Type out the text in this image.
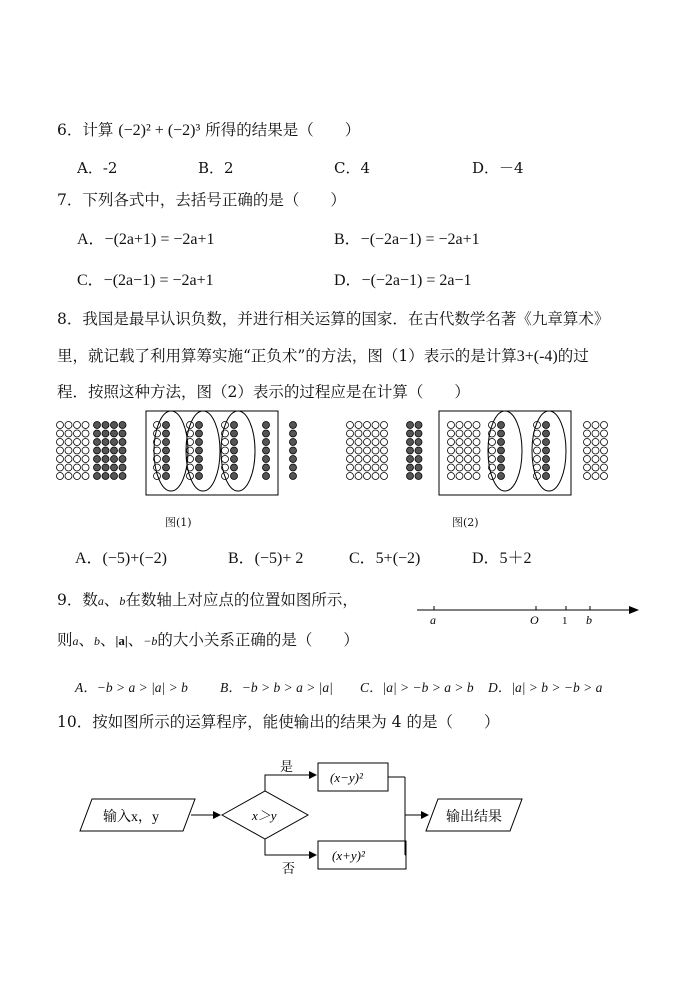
6．计算 (−2)² + (−2)³ 所得的结果是（　　）
A．-2	B．2	C．4	D．－4
7．下列各式中，去括号正确的是（　　）
A．−(2a+1) = −2a+1	B．−(−2a−1) = −2a+1
C．−(2a−1) = −2a+1	D．−(−2a−1) = 2a−1
8．我国是最早认识负数，并进行相关运算的国家．在古代数学名著《九章算术》
里，就记载了利用算筹实施“正负术”的方法，图（1）表示的是计算3+(-4)的过
程．按照这种方法，图（2）表示的过程应是在计算（　　）
图(1)	图(2)
A．(−5)+(−2)	B．(−5)+ 2	C．5+(−2)	D．5＋2
9．数a、b在数轴上对应点的位置如图所示，
则a、b、|a|、−b的大小关系正确的是（　　）
a	O 1 b
A．−b > a > |a| > b B．−b > b > a > |a| C．|a| > −b > a > b D．|a| > b > −b > a
10．按如图所示的运算程序，能使输出的结果为 4 的是（　　）
输入x，y	x＞y
是
(x−y)²
否
(x+y)²
输出结果
